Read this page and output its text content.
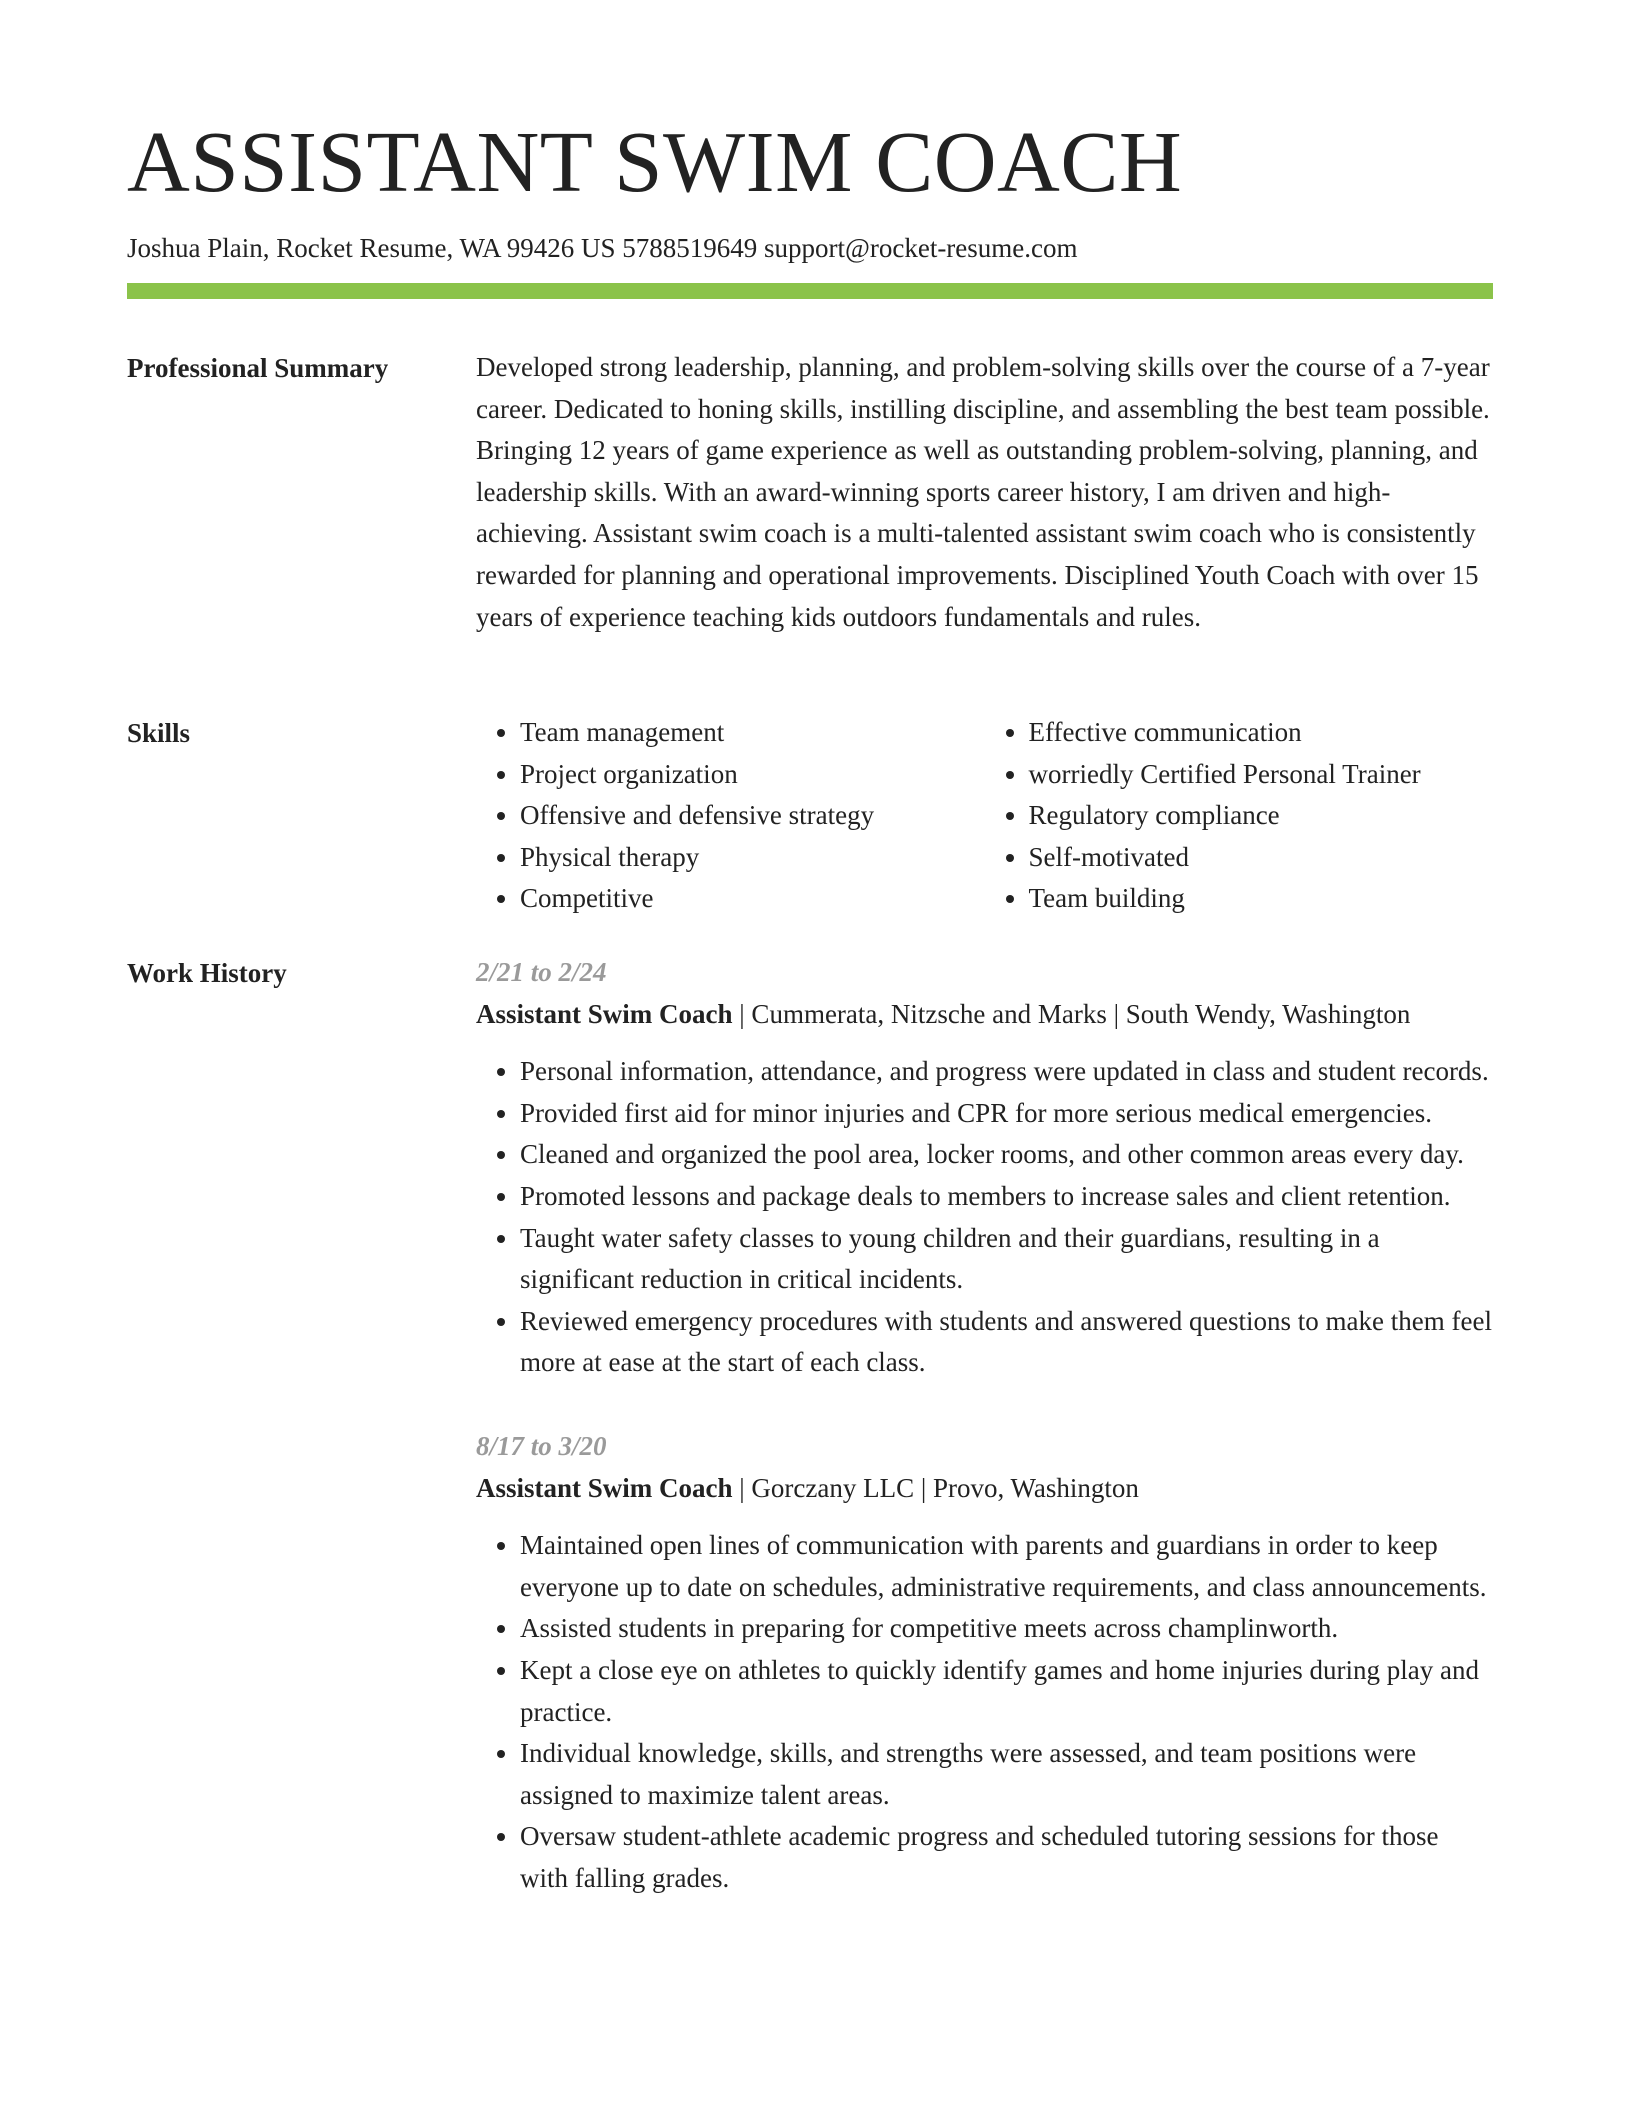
ASSISTANT SWIM COACH
Joshua Plain, Rocket Resume, WA 99426 US 5788519649 support@rocket-resume.com
Professional Summary	Developed strong leadership, planning, and problem-solving skills over the course of a 7-year career. Dedicated to honing skills, instilling discipline, and assembling the best team possible. Bringing 12 years of game experience as well as outstanding problem-solving, planning, and leadership skills. With an award-winning sports career history, I am driven and high-achieving. Assistant swim coach is a multi-talented assistant swim coach who is consistently rewarded for planning and operational improvements. Disciplined Youth Coach with over 15 years of experience teaching kids outdoors fundamentals and rules.

Skills
•	Team management
• Project organization
• Offensive and defensive strategy
• Physical therapy
• Competitive
• Effective communication
• worriedly Certified Personal Trainer
• Regulatory compliance
• Self-motivated
• Team building
Work History	2/21 to 2/24
Assistant Swim Coach | Cummerata, Nitzsche and Marks | South Wendy, Washington
• Personal information, attendance, and progress were updated in class and student records.
• Provided first aid for minor injuries and CPR for more serious medical emergencies.
• Cleaned and organized the pool area, locker rooms, and other common areas every day.
• Promoted lessons and package deals to members to increase sales and client retention.
• Taught water safety classes to young children and their guardians, resulting in a significant reduction in critical incidents.
• Reviewed emergency procedures with students and answered questions to make them feel more at ease at the start of each class.
8/17 to 3/20
Assistant Swim Coach | Gorczany LLC | Provo, Washington
• Maintained open lines of communication with parents and guardians in order to keep everyone up to date on schedules, administrative requirements, and class announcements.
• Assisted students in preparing for competitive meets across champlinworth.
• Kept a close eye on athletes to quickly identify games and home injuries during play and practice.
• Individual knowledge, skills, and strengths were assessed, and team positions were assigned to maximize talent areas.
• Oversaw student-athlete academic progress and scheduled tutoring sessions for those with falling grades.
